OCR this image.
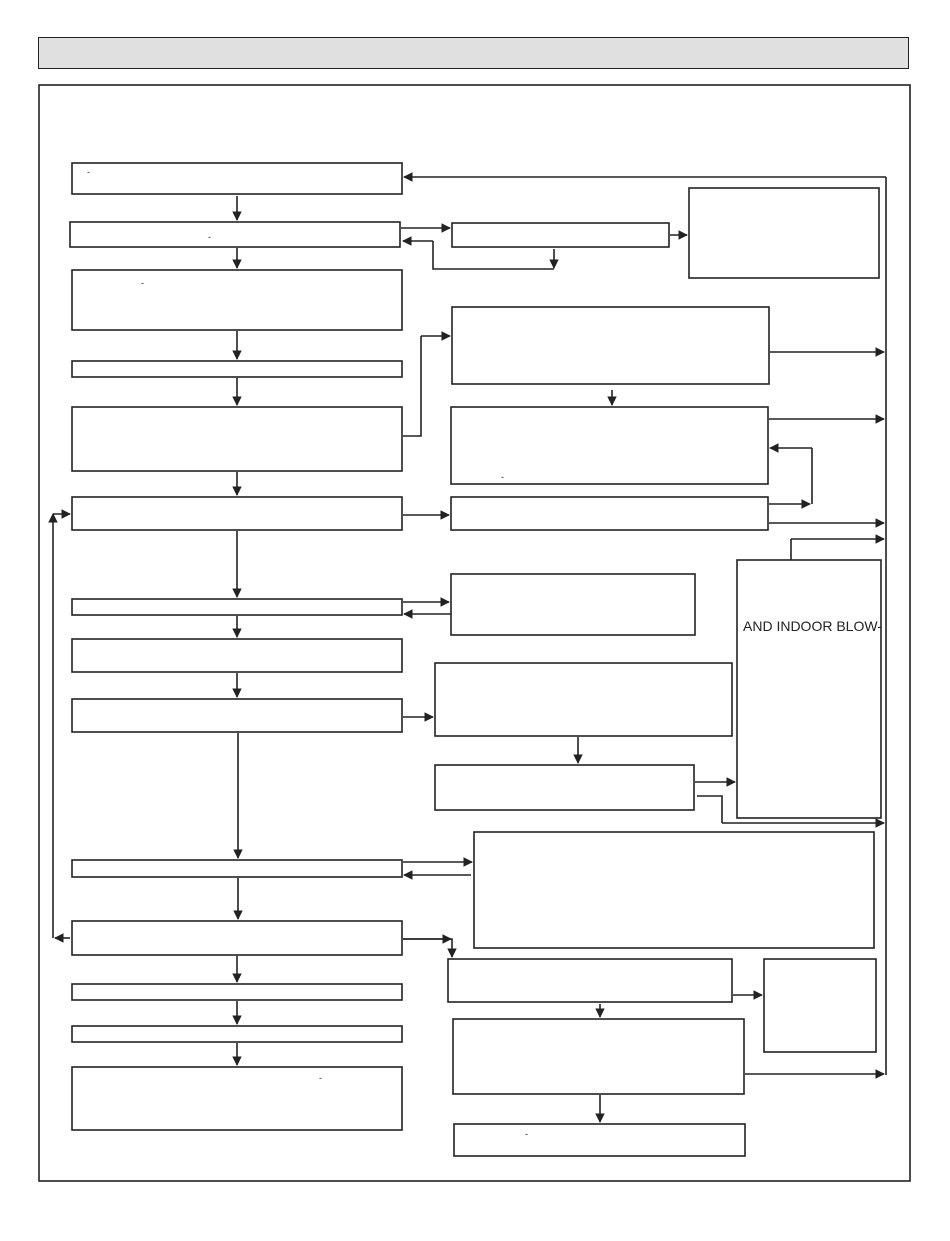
AND INDOOR BLOW-
-
-
-
-
-
-
